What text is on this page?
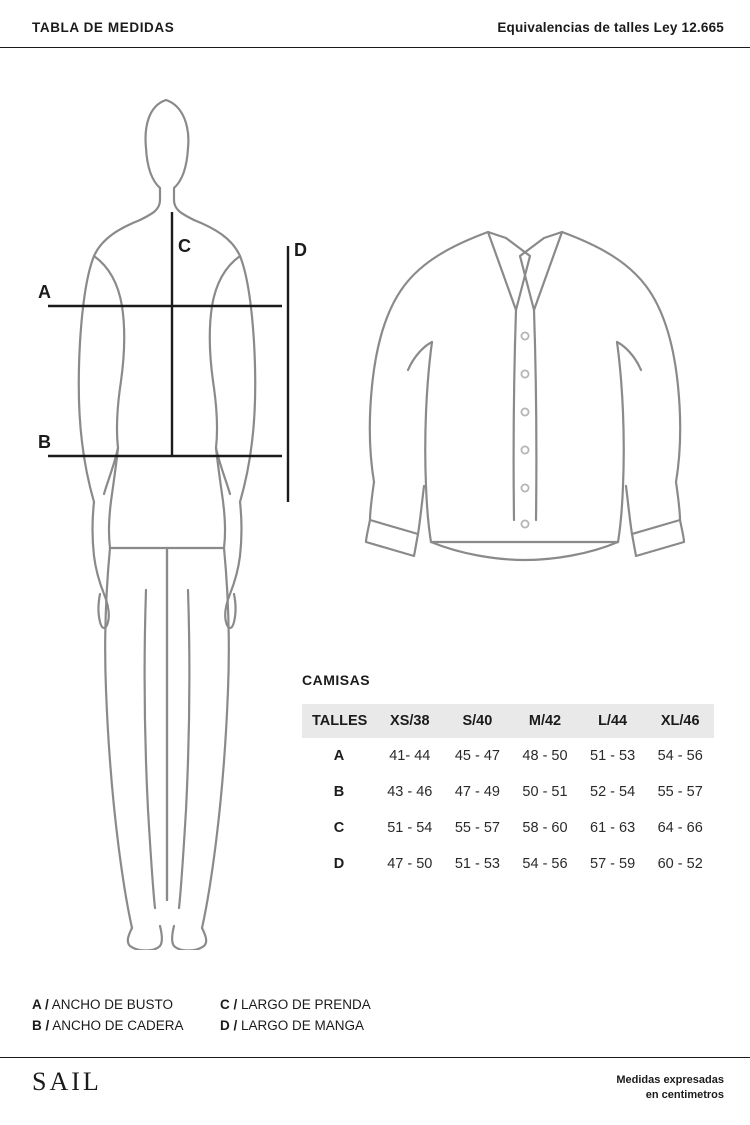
TABLA DE MEDIDAS	Equivalencias de talles Ley 12.665
A
B
C	D
CAMISAS
TALLES	XS/38	S/40	M/42	L/44	XL/46
A	41- 44	45 - 47	48 - 50	51 - 53	54 - 56
B	43 - 46	47 - 49	50 - 51	52 - 54	55 - 57
C	51 - 54	55 - 57	58 - 60	61 - 63	64 - 66
D	47 - 50	51 - 53	54 - 56	57 - 59	60 - 52
A / ANCHO DE BUSTO	C / LARGO DE PRENDA
B / ANCHO DE CADERA	D / LARGO DE MANGA
SAIL	Medidas expresadas
en centimetros
